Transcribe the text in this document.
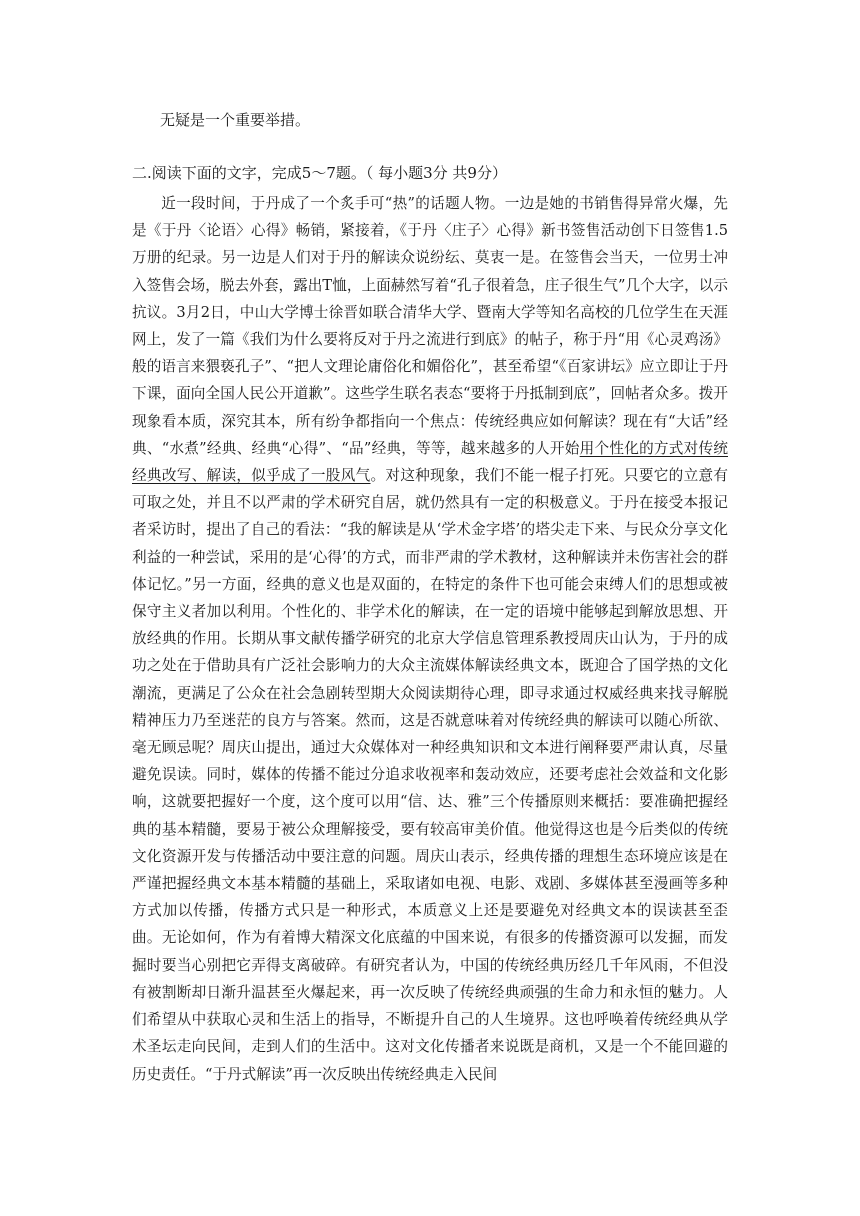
无疑是一个重要举措。
二.阅读下面的文字，完成5～7题。（ 每小题3分 共9分）

近一段时间，于丹成了一个炙手可“热”的话题人物。一边是她的书销售得异常火爆，先是《于丹〈论语〉心得》畅销，紧接着，《于丹〈庄子〉心得》新书签售活动创下日签售1.5万册的纪录。另一边是人们对于丹的解读众说纷纭、莫衷一是。在签售会当天，一位男士冲入签售会场，脱去外套，露出T恤，上面赫然写着“孔子很着急，庄子很生气”几个大字，以示抗议。3月2日，中山大学博士徐晋如联合清华大学、暨南大学等知名高校的几位学生在天涯网上，发了一篇《我们为什么要将反对于丹之流进行到底》的帖子，称于丹“用《心灵鸡汤》般的语言来猥亵孔子”、“把人文理论庸俗化和媚俗化”，甚至希望“《百家讲坛》应立即让于丹下课，面向全国人民公开道歉”。这些学生联名表态“要将于丹抵制到底”，回帖者众多。拨开现象看本质，深究其本，所有纷争都指向一个焦点：传统经典应如何解读？现在有“大话”经典、“水煮”经典、经典“心得”、“品”经典，等等，越来越多的人开始用个性化的方式对传统经典改写、解读，似乎成了一股风气。对这种现象，我们不能一棍子打死。只要它的立意有可取之处，并且不以严肃的学术研究自居，就仍然具有一定的积极意义。于丹在接受本报记者采访时，提出了自己的看法：“我的解读是从‘学术金字塔’的塔尖走下来、与民众分享文化利益的一种尝试，采用的是‘心得’的方式，而非严肃的学术教材，这种解读并未伤害社会的群体记忆。”另一方面，经典的意义也是双面的，在特定的条件下也可能会束缚人们的思想或被保守主义者加以利用。个性化的、非学术化的解读，在一定的语境中能够起到解放思想、开放经典的作用。长期从事文献传播学研究的北京大学信息管理系教授周庆山认为，于丹的成功之处在于借助具有广泛社会影响力的大众主流媒体解读经典文本，既迎合了国学热的文化潮流，更满足了公众在社会急剧转型期大众阅读期待心理，即寻求通过权威经典来找寻解脱精神压力乃至迷茫的良方与答案。然而，这是否就意味着对传统经典的解读可以随心所欲、毫无顾忌呢？周庆山提出，通过大众媒体对一种经典知识和文本进行阐释要严肃认真，尽量避免误读。同时，媒体的传播不能过分追求收视率和轰动效应，还要考虑社会效益和文化影响，这就要把握好一个度，这个度可以用“信、达、雅”三个传播原则来概括：要准确把握经典的基本精髓，要易于被公众理解接受，要有较高审美价值。他觉得这也是今后类似的传统文化资源开发与传播活动中要注意的问题。周庆山表示，经典传播的理想生态环境应该是在严谨把握经典文本基本精髓的基础上，采取诸如电视、电影、戏剧、多媒体甚至漫画等多种方式加以传播，传播方式只是一种形式，本质意义上还是要避免对经典文本的误读甚至歪曲。无论如何，作为有着博大精深文化底蕴的中国来说，有很多的传播资源可以发掘，而发掘时要当心别把它弄得支离破碎。有研究者认为，中国的传统经典历经几千年风雨，不但没有被割断却日渐升温甚至火爆起来，再一次反映了传统经典顽强的生命力和永恒的魅力。人们希望从中获取心灵和生活上的指导，不断提升自己的人生境界。这也呼唤着传统经典从学术圣坛走向民间，走到人们的生活中。这对文化传播者来说既是商机，又是一个不能回避的历史责任。“于丹式解读”再一次反映出传统经典走入民间
